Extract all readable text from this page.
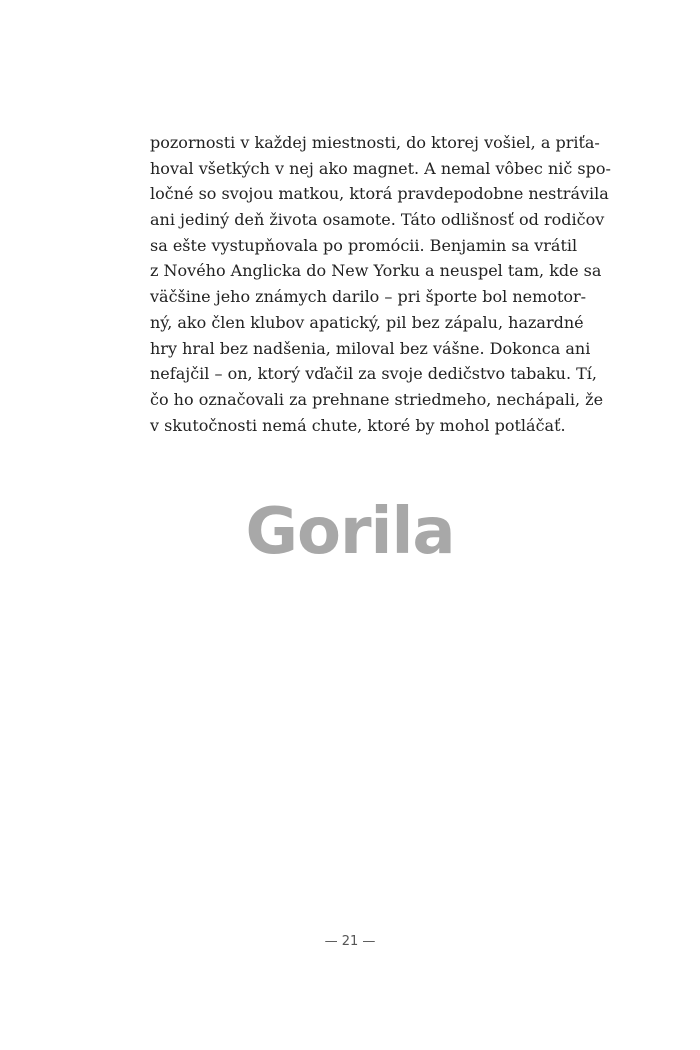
pozornosti v každej miestnosti, do ktorej vošiel, a priťa-
hoval všetkých v nej ako magnet. A nemal vôbec nič spo-
ločné so svojou matkou, ktorá pravdepodobne nestrávila
ani jediný deň života osamote. Táto odlišnosť od rodičov
sa ešte vystupňovala po promócii. Benjamin sa vrátil
z Nového Anglicka do New Yorku a neuspel tam, kde sa
väčšine jeho známych darilo – pri športe bol nemotor-
ný, ako člen klubov apatický, pil bez zápalu, hazardné
hry hral bez nadšenia, miloval bez vášne. Dokonca ani
nefajčil – on, ktorý vďačil za svoje dedičstvo tabaku. Tí,
čo ho označovali za prehnane striedmeho, nechápali, že
v skutočnosti nemá chute, ktoré by mohol potláčať.
Gorila
— 21 —
